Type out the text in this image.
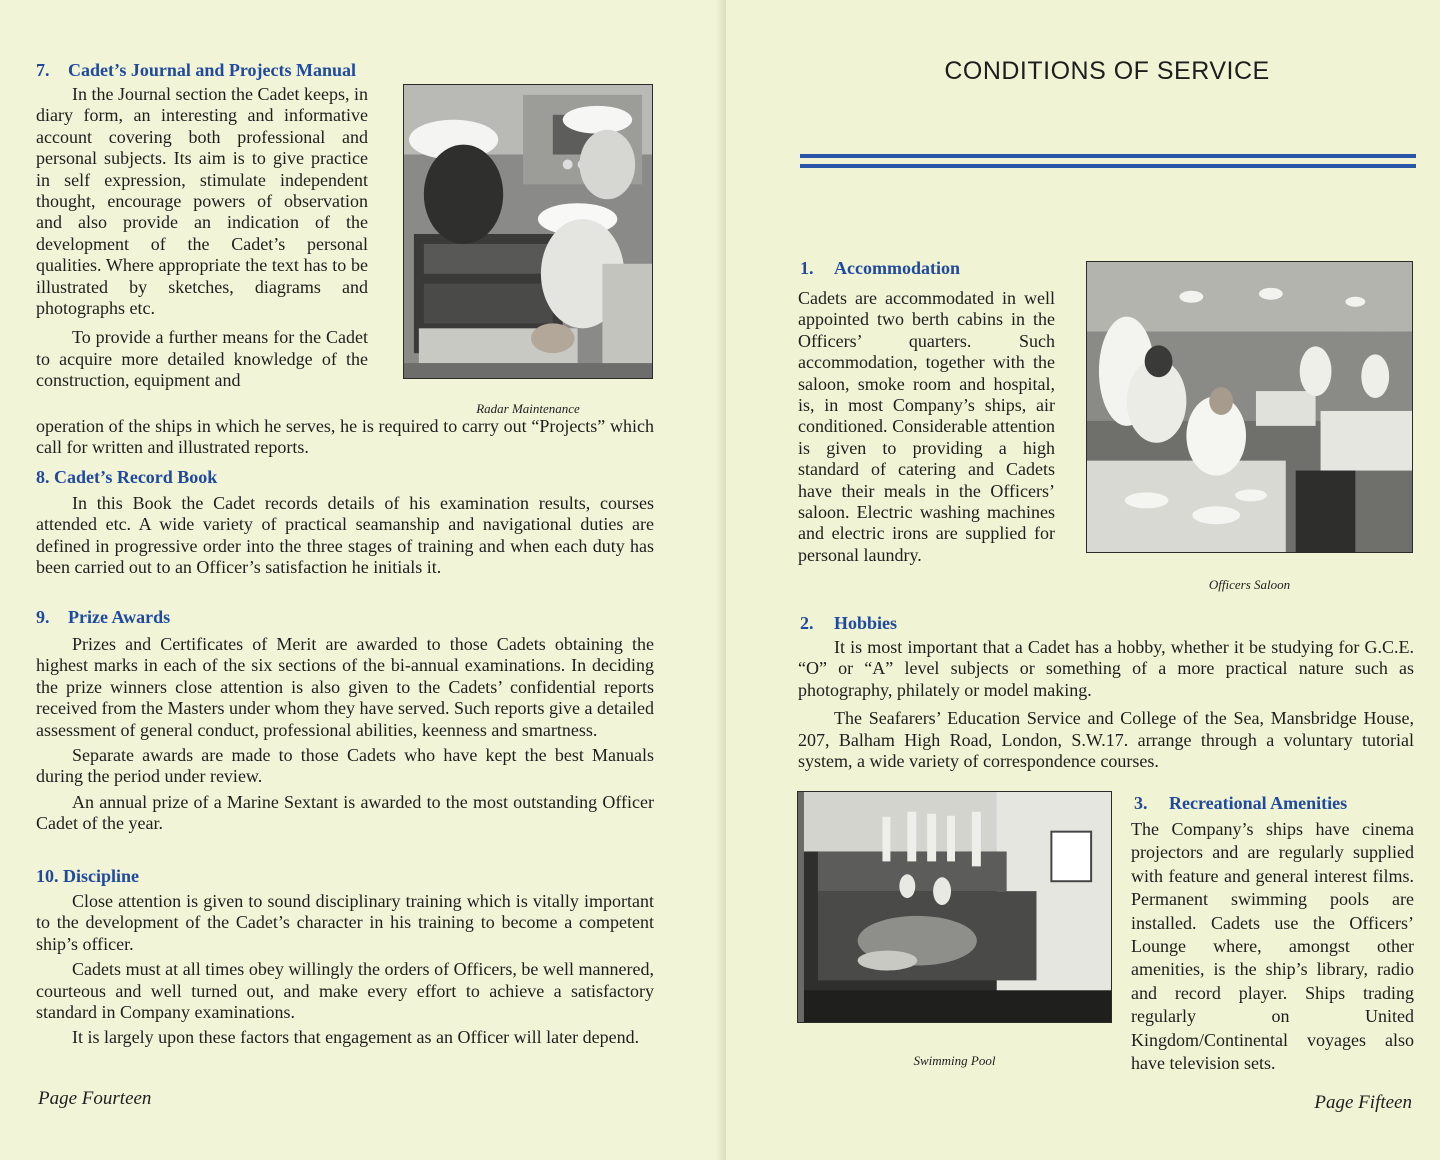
7. Cadet’s Journal and Projects Manual

In the Journal section the Cadet keeps, in diary form, an interesting and informative account covering both professional and personal subjects. Its aim is to give practice in self expression, stimulate independent thought, encourage powers of observation and also provide an indication of the development of the Cadet’s personal qualities. Where appropriate the text has to be illustrated by sketches, diagrams and photographs etc.

To provide a further means for the Cadet to acquire more detailed knowledge of the construction, equipment and

Radar Maintenance

operation of the ships in which he serves, he is required to carry out “Projects” which call for written and illustrated reports.

8. Cadet’s Record Book

In this Book the Cadet records details of his examination results, courses attended etc. A wide variety of practical seamanship and navigational duties are defined in progressive order into the three stages of training and when each duty has been carried out to an Officer’s satisfaction he initials it.

9. Prize Awards

Prizes and Certificates of Merit are awarded to those Cadets obtaining the highest marks in each of the six sections of the bi-annual examinations. In deciding the prize winners close attention is also given to the Cadets’ confidential reports received from the Masters under whom they have served. Such reports give a detailed assessment of general conduct, professional abilities, keenness and smartness.

Separate awards are made to those Cadets who have kept the best Manuals during the period under review.

An annual prize of a Marine Sextant is awarded to the most outstanding Officer Cadet of the year.

10. Discipline

Close attention is given to sound disciplinary training which is vitally important to the development of the Cadet’s character in his training to become a competent ship’s officer.

Cadets must at all times obey willingly the orders of Officers, be well mannered, courteous and well turned out, and make every effort to achieve a satisfactory standard in Company examinations.

It is largely upon these factors that engagement as an Officer will later depend.

Page Fourteen
CONDITIONS OF SERVICE
1. Accommodation

Cadets are accommodated in well appointed two berth cabins in the Officers’ quarters. Such accommodation, together with the saloon, smoke room and hospital, is, in most Company’s ships, air conditioned. Considerable attention is given to providing a high standard of catering and Cadets have their meals in the Officers’ saloon. Electric washing machines and electric irons are supplied for personal laundry.

Officers Saloon
2. Hobbies

It is most important that a Cadet has a hobby, whether it be studying for G.C.E. “O” or “A” level subjects or something of a more practical nature such as photography, philately or model making.

The Seafarers’ Education Service and College of the Sea, Mansbridge House, 207, Balham High Road, London, S.W.17. arrange through a voluntary tutorial system, a wide variety of correspondence courses.

Swimming Pool
3. Recreational Amenities

The Company’s ships have cinema projectors and are regularly supplied with feature and general interest films. Permanent swimming pools are installed. Cadets use the Officers’ Lounge where, amongst other amenities, is the ship’s library, radio and record player. Ships trading regularly on United Kingdom/Continental voyages also have television sets.

Page Fifteen
